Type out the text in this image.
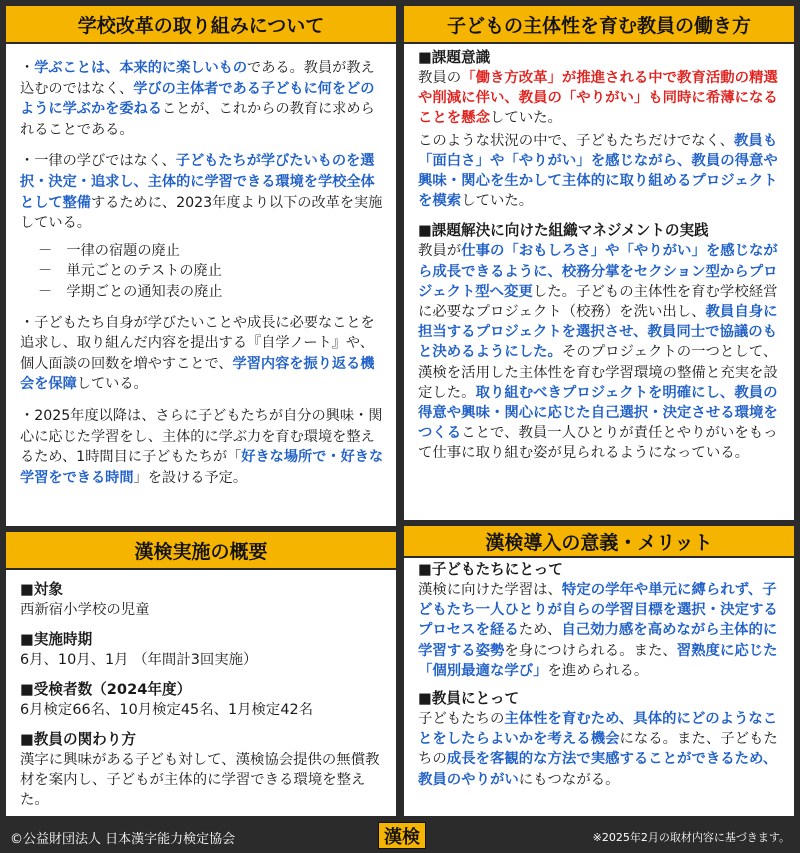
学校改革の取り組みについて

・学ぶことは、本来的に楽しいものである。教員が教え込むのではなく、学びの主体者である子どもに何をどのように学ぶかを委ねることが、これからの教育に求められることである。

・一律の学びではなく、子どもたちが学びたいものを選択・決定・追求し、主体的に学習できる環境を学校全体として整備するために、2023年度より以下の改革を実施している。

－　一律の宿題の廃止
－　単元ごとのテストの廃止
－　学期ごとの通知表の廃止

・子どもたち自身が学びたいことや成長に必要なことを追求し、取り組んだ内容を提出する『自学ノート』や、個人面談の回数を増やすことで、学習内容を振り返る機会を保障している。

・2025年度以降は、さらに子どもたちが自分の興味・関心に応じた学習をし、主体的に学ぶ力を育む環境を整えるため、1時間目に子どもたちが「好きな場所で・好きな学習をできる時間」を設ける予定。

漢検実施の概要
■対象
西新宿小学校の児童
■実施時期
6月、10月、1月 （年間計3回実施）
■受検者数（2024年度）
6月検定66名、10月検定45名、1月検定42名
■教員の関わり方
漢字に興味がある子ども対して、漢検協会提供の無償教材を案内し、子どもが主体的に学習できる環境を整えた。
子どもの主体性を育む教員の働き方
■課題意識

教員の「働き方改革」が推進される中で教育活動の精選や削減に伴い、教員の「やりがい」も同時に希薄になることを懸念していた。

このような状況の中で、子どもたちだけでなく、教員も「面白さ」や「やりがい」を感じながら、教員の得意や興味・関心を生かして主体的に取り組めるプロジェクトを模索していた。

■課題解決に向けた組織マネジメントの実践

教員が仕事の「おもしろさ」や「やりがい」を感じながら成長できるように、校務分掌をセクション型からプロジェクト型へ変更した。子どもの主体性を育む学校経営に必要なプロジェクト（校務）を洗い出し、教員自身に担当するプロジェクトを選択させ、教員同士で協議のもと決めるようにした。そのプロジェクトの一つとして、漢検を活用した主体性を育む学習環境の整備と充実を設定した。取り組むべきプロジェクトを明確にし、教員の得意や興味・関心に応じた自己選択・決定させる環境をつくることで、教員一人ひとりが責任とやりがいをもって仕事に取り組む姿が見られるようになっている。

漢検導入の意義・メリット
■子どもたちにとって

漢検に向けた学習は、特定の学年や単元に縛られず、子どもたち一人ひとりが自らの学習目標を選択・決定するプロセスを経るため、自己効力感を高めながら主体的に学習する姿勢を身につけられる。また、習熟度に応じた「個別最適な学び」を進められる。

■教員にとって

子どもたちの主体性を育むため、具体的にどのようなことをしたらよいかを考える機会になる。また、子どもたちの成長を客観的な方法で実感することができるため、教員のやりがいにもつながる。

©公益財団法人 日本漢字能力検定協会	漢検	※2025年2月の取材内容に基づきます。
